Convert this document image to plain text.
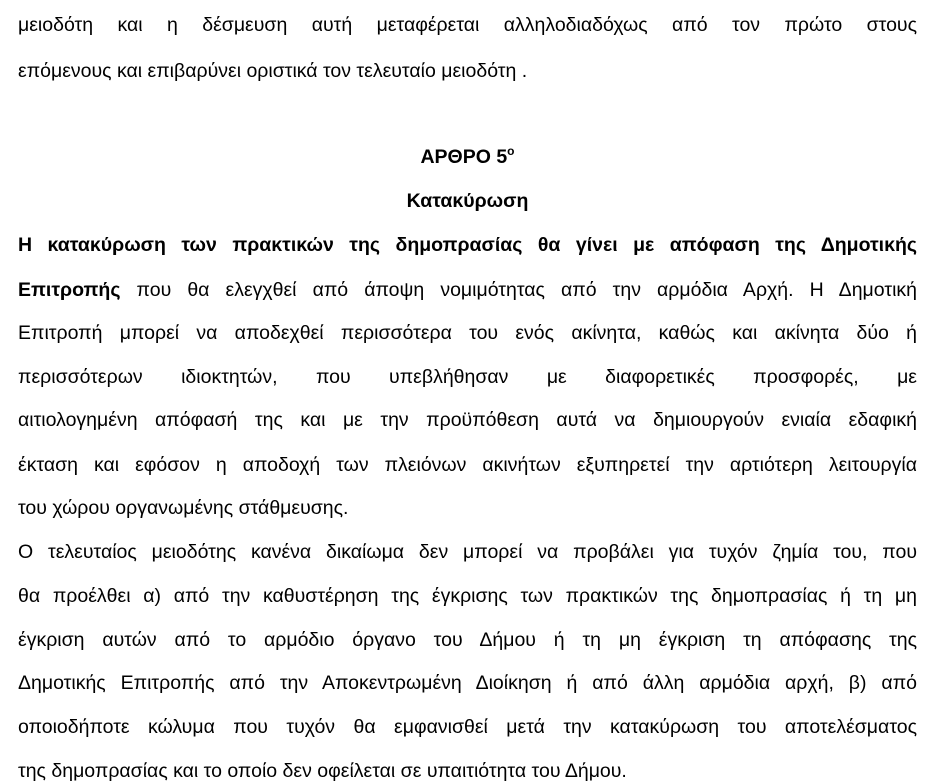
μειοδότη και η δέσμευση αυτή μεταφέρεται αλληλοδιαδόχως από τον πρώτο στους
επόμενους και επιβαρύνει οριστικά τον τελευταίο μειοδότη .
ΑΡΘΡΟ $5^o$
Κατακύρωση
Η κατακύρωση των πρακτικών της δημοπρασίας θα γίνει με απόφαση της Δημοτικής
Επιτροπής που θα ελεγχθεί από άποψη νομιμότητας από την αρμόδια Αρχή. Η Δημοτική
Επιτροπή μπορεί να αποδεχθεί περισσότερα του ενός ακίνητα, καθώς και ακίνητα δύο ή
περισσότερων ιδιοκτητών, που υπεβλήθησαν με διαφορετικές προσφορές, με
αιτιολογημένη απόφασή της και με την προϋπόθεση αυτά να δημιουργούν ενιαία εδαφική
έκταση και εφόσον η αποδοχή των πλειόνων ακινήτων εξυπηρετεί την αρτιότερη λειτουργία
του χώρου οργανωμένης στάθμευσης.
Ο τελευταίος μειοδότης κανένα δικαίωμα δεν μπορεί να προβάλει για τυχόν ζημία του, που
θα προέλθει α) από την καθυστέρηση της έγκρισης των πρακτικών της δημοπρασίας ή τη μη
έγκριση αυτών από το αρμόδιο όργανο του Δήμου ή τη μη έγκριση τη απόφασης της
Δημοτικής Επιτροπής από την Αποκεντρωμένη Διοίκηση ή από άλλη αρμόδια αρχή, β) από
οποιοδήποτε κώλυμα που τυχόν θα εμφανισθεί μετά την κατακύρωση του αποτελέσματος
της δημοπρασίας και το οποίο δεν οφείλεται σε υπαιτιότητα του Δήμου.
